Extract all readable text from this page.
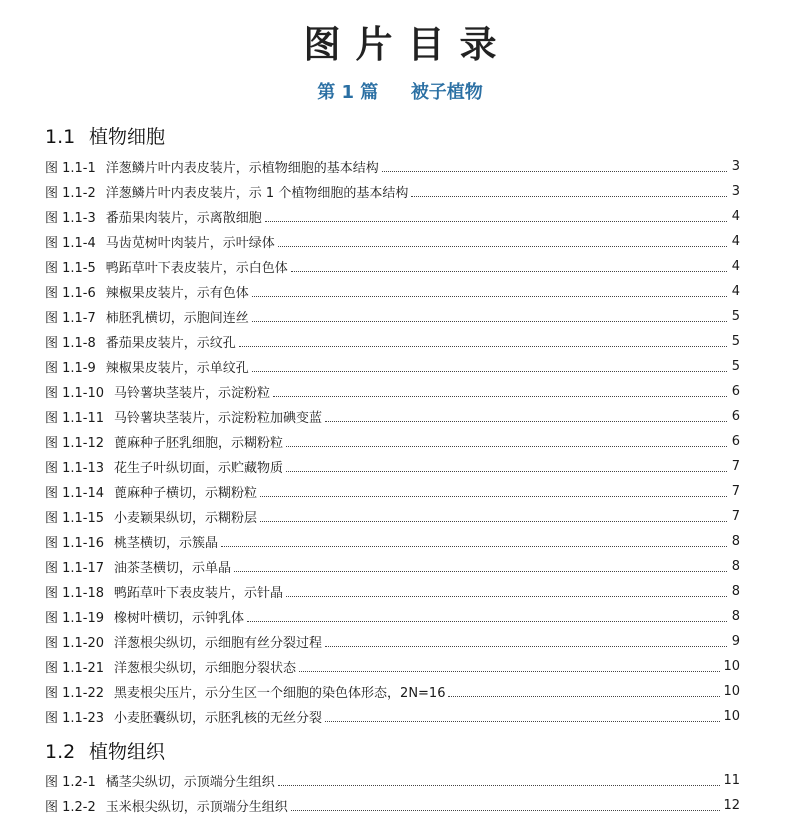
图片目录
第 1 篇 被子植物
1.1 植物细胞
图 1.1-1 洋葱鳞片叶内表皮装片，示植物细胞的基本结构	3
图 1.1-2 洋葱鳞片叶内表皮装片，示 1 个植物细胞的基本结构	3
图 1.1-3 番茄果肉装片，示离散细胞	4
图 1.1-4 马齿苋树叶肉装片，示叶绿体	4
图 1.1-5 鸭跖草叶下表皮装片，示白色体	4
图 1.1-6 辣椒果皮装片，示有色体	4
图 1.1-7 柿胚乳横切，示胞间连丝	5
图 1.1-8 番茄果皮装片，示纹孔	5
图 1.1-9 辣椒果皮装片，示单纹孔	5
图 1.1-10 马铃薯块茎装片，示淀粉粒	6
图 1.1-11 马铃薯块茎装片，示淀粉粒加碘变蓝	6
图 1.1-12 蓖麻种子胚乳细胞，示糊粉粒	6
图 1.1-13 花生子叶纵切面，示贮藏物质	7
图 1.1-14 蓖麻种子横切，示糊粉粒	7
图 1.1-15 小麦颖果纵切，示糊粉层	7
图 1.1-16 桃茎横切，示簇晶	8
图 1.1-17 油茶茎横切，示单晶	8
图 1.1-18 鸭跖草叶下表皮装片，示针晶	8
图 1.1-19 橡树叶横切，示钟乳体	8
图 1.1-20 洋葱根尖纵切，示细胞有丝分裂过程	9
图 1.1-21 洋葱根尖纵切，示细胞分裂状态	10
图 1.1-22 黑麦根尖压片，示分生区一个细胞的染色体形态，2N=16	10
图 1.1-23 小麦胚囊纵切，示胚乳核的无丝分裂	10
1.2 植物组织
图 1.2-1 橘茎尖纵切，示顶端分生组织	11
图 1.2-2 玉米根尖纵切，示顶端分生组织	12
